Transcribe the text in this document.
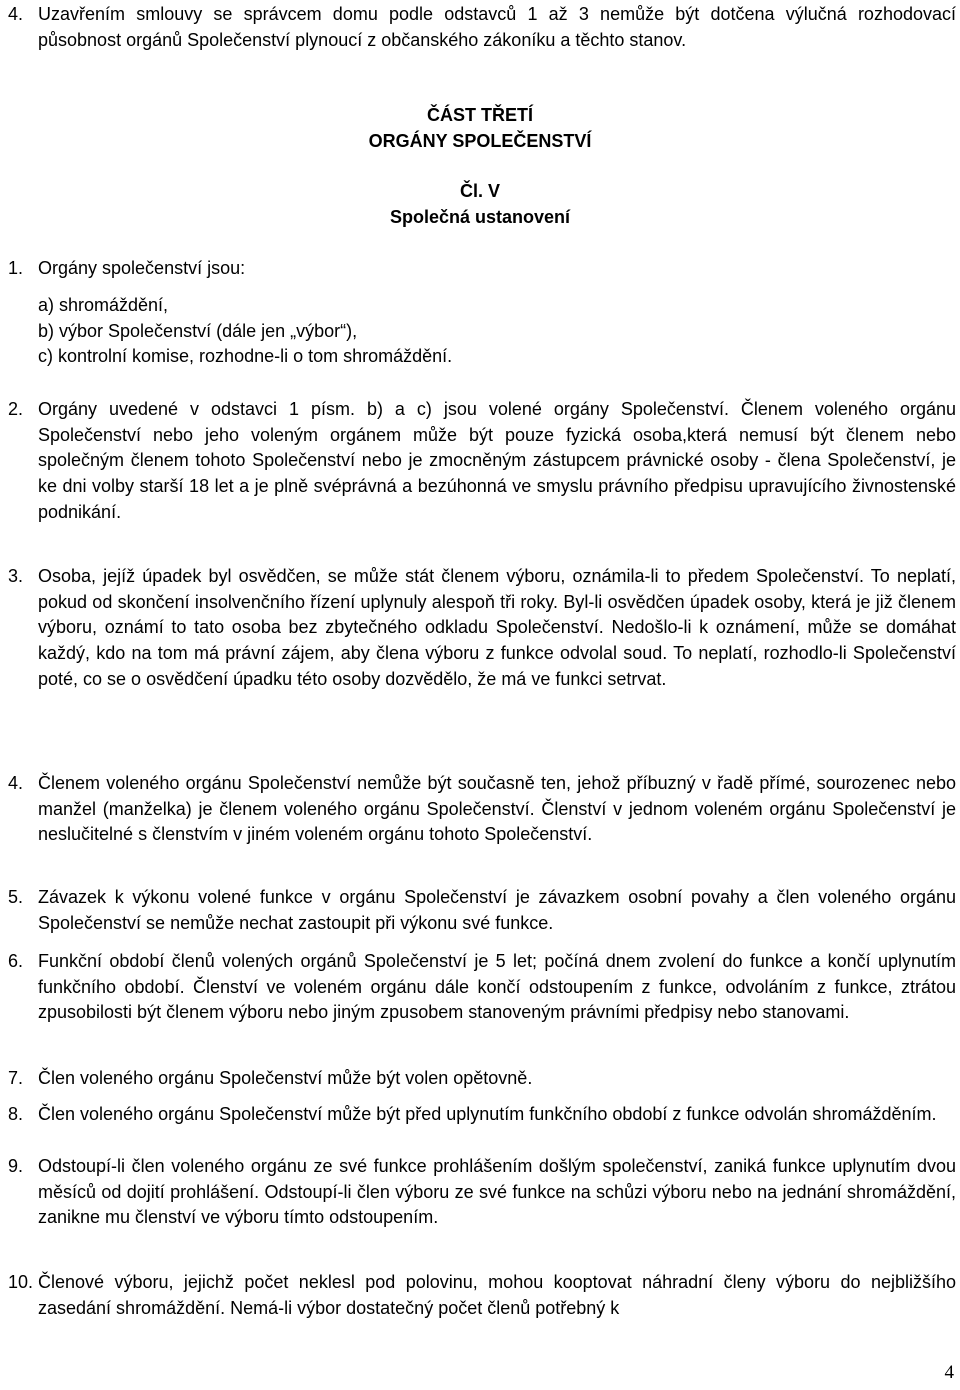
4. Uzavřením smlouvy se správcem domu podle odstavců 1 až 3 nemůže být dotčena výlučná rozhodovací působnost orgánů Společenství plynoucí z občanského zákoníku a těchto stanov.
ČÁST TŘETÍ
ORGÁNY SPOLEČENSTVÍ
Čl. V
Společná ustanovení
1. Orgány společenství jsou:
a) shromáždění,
b) výbor Společenství (dále jen „výbor“),
c) kontrolní komise, rozhodne-li o tom shromáždění.
2. Orgány uvedené v odstavci 1 písm. b) a c) jsou volené orgány Společenství. Členem voleného orgánu Společenství nebo jeho voleným orgánem může být pouze fyzická osoba,která nemusí být členem nebo společným členem tohoto Společenství nebo je zmocněným zástupcem právnické osoby - člena Společenství, je ke dni volby starší 18 let a je plně svéprávná a bezúhonná ve smyslu právního předpisu upravujícího živnostenské podnikání.
3. Osoba, jejíž úpadek byl osvědčen, se může stát členem výboru, oznámila-li to předem Společenství. To neplatí, pokud od skončení insolvenčního řízení uplynuly alespoň tři roky. Byl-li osvědčen úpadek osoby, která je již členem výboru, oznámí to tato osoba bez zbytečného odkladu Společenství. Nedošlo-li k oznámení, může se domáhat každý, kdo na tom má právní zájem, aby člena výboru z funkce odvolal soud. To neplatí, rozhodlo-li Společenství poté, co se o osvědčení úpadku této osoby dozvědělo, že má ve funkci setrvat.
4. Členem voleného orgánu Společenství nemůže být současně ten, jehož příbuzný v řadě přímé, sourozenec nebo manžel (manželka) je členem voleného orgánu Společenství. Členství v jednom voleném orgánu Společenství je neslučitelné s členstvím v jiném voleném orgánu tohoto Společenství.
5. Závazek k výkonu volené funkce v orgánu Společenství je závazkem osobní povahy a člen voleného orgánu Společenství se nemůže nechat zastoupit při výkonu své funkce.
6. Funkční období členů volených orgánů Společenství je 5 let; počíná dnem zvolení do funkce a končí uplynutím funkčního období. Členství ve voleném orgánu dále končí odstoupením z funkce, odvoláním z funkce, ztrátou zpusobilosti být členem výboru nebo jiným zpusobem stanoveným právními předpisy nebo stanovami.
7. Člen voleného orgánu Společenství může být volen opětovně.
8. Člen voleného orgánu Společenství může být před uplynutím funkčního období z funkce odvolán shromážděním.
9. Odstoupí-li člen voleného orgánu ze své funkce prohlášením došlým společenství, zaniká funkce uplynutím dvou měsíců od dojití prohlášení. Odstoupí-li člen výboru ze své funkce na schůzi výboru nebo na jednání shromáždění, zanikne mu členství ve výboru tímto odstoupením.
10. Členové výboru, jejichž počet neklesl pod polovinu, mohou kooptovat náhradní členy výboru do nejbližšího zasedání shromáždění. Nemá-li výbor dostatečný počet členů potřebný k
4
